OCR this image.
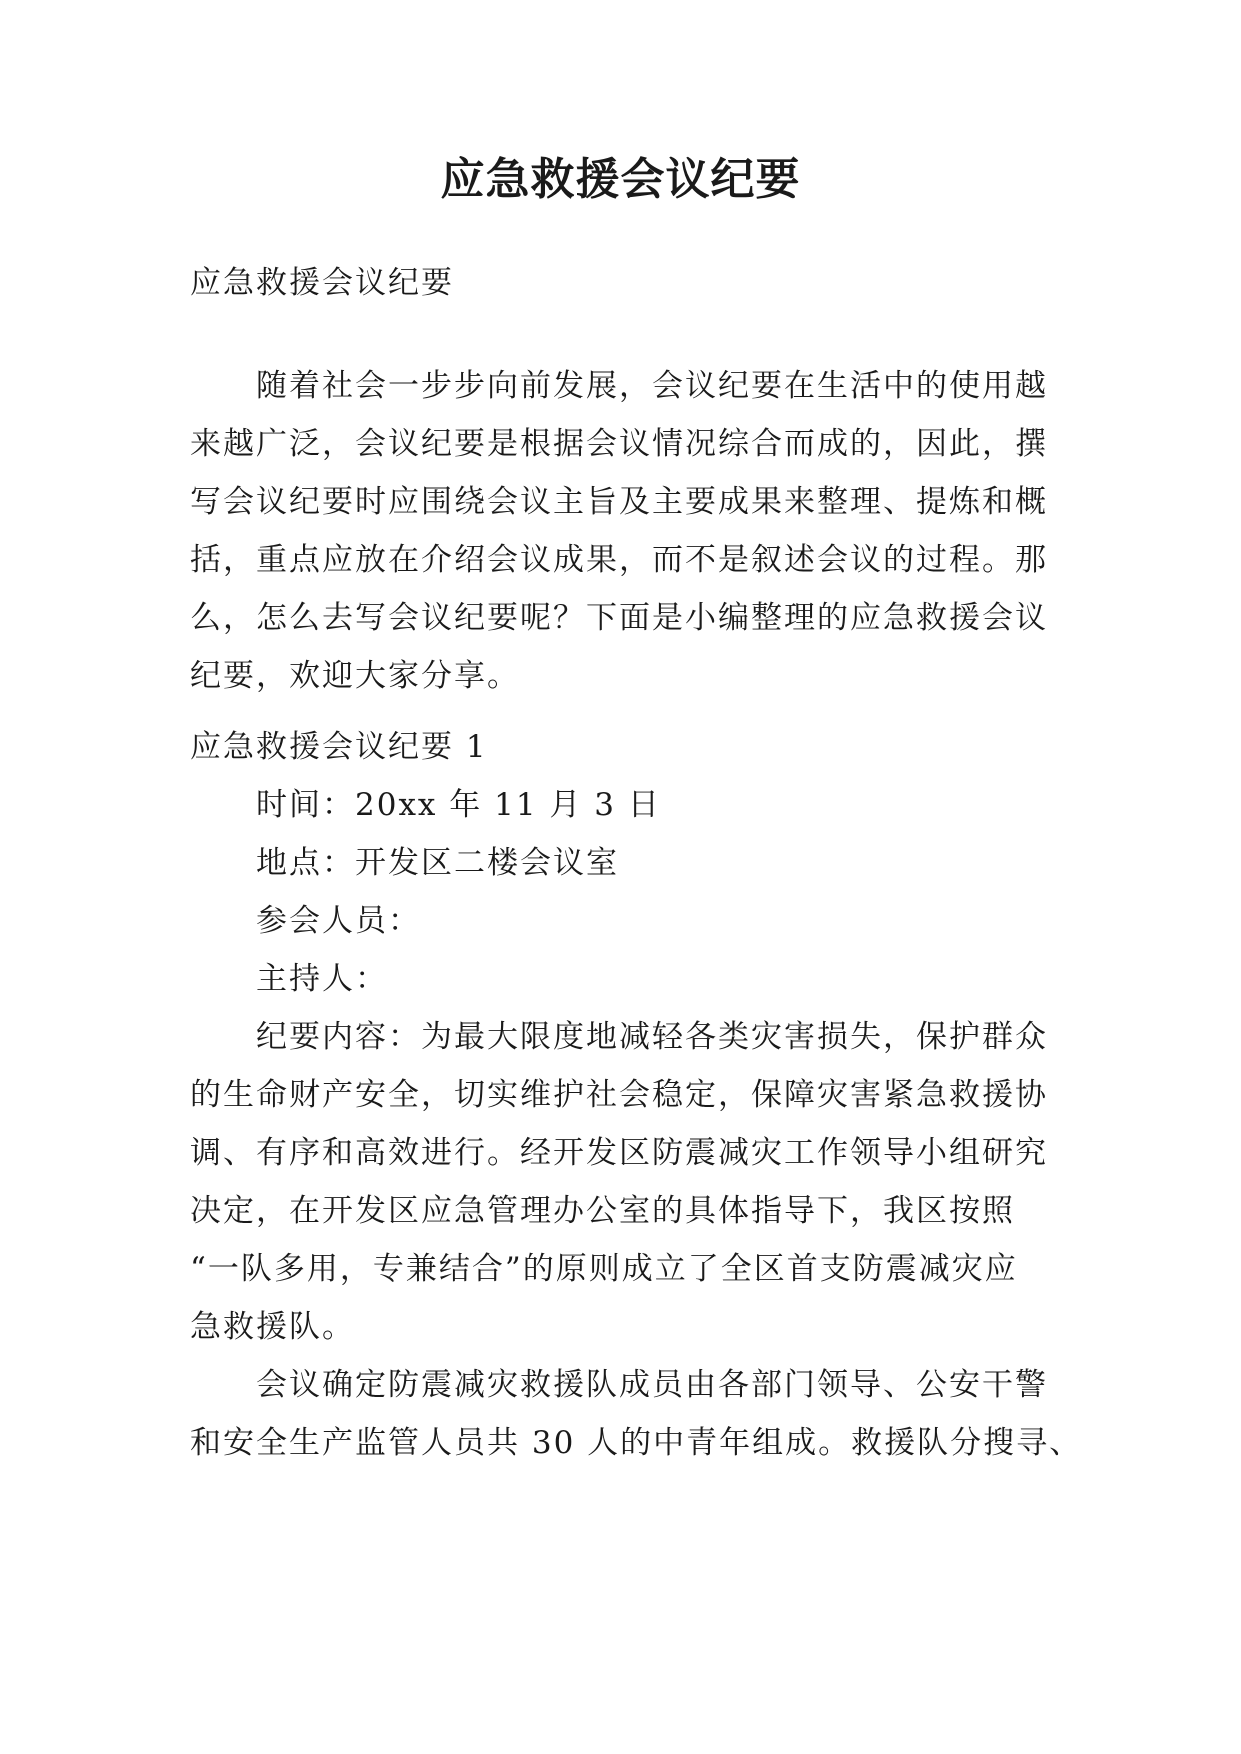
应急救援会议纪要

应急救援会议纪要

随着社会一步步向前发展，会议纪要在生活中的使用越

来越广泛，会议纪要是根据会议情况综合而成的，因此，撰

写会议纪要时应围绕会议主旨及主要成果来整理、提炼和概

括，重点应放在介绍会议成果，而不是叙述会议的过程。那

么，怎么去写会议纪要呢？下面是小编整理的应急救援会议

纪要，欢迎大家分享。

应急救援会议纪要 1

时间：20xx 年 11 月 3 日

地点：开发区二楼会议室

参会人员：

主持人：

纪要内容：为最大限度地减轻各类灾害损失，保护群众

的生命财产安全，切实维护社会稳定，保障灾害紧急救援协

调、有序和高效进行。经开发区防震减灾工作领导小组研究

决定，在开发区应急管理办公室的具体指导下，我区按照

“一队多用，专兼结合”的原则成立了全区首支防震减灾应

急救援队。

会议确定防震减灾救援队成员由各部门领导、公安干警

和安全生产监管人员共 30 人的中青年组成。救援队分搜寻、
